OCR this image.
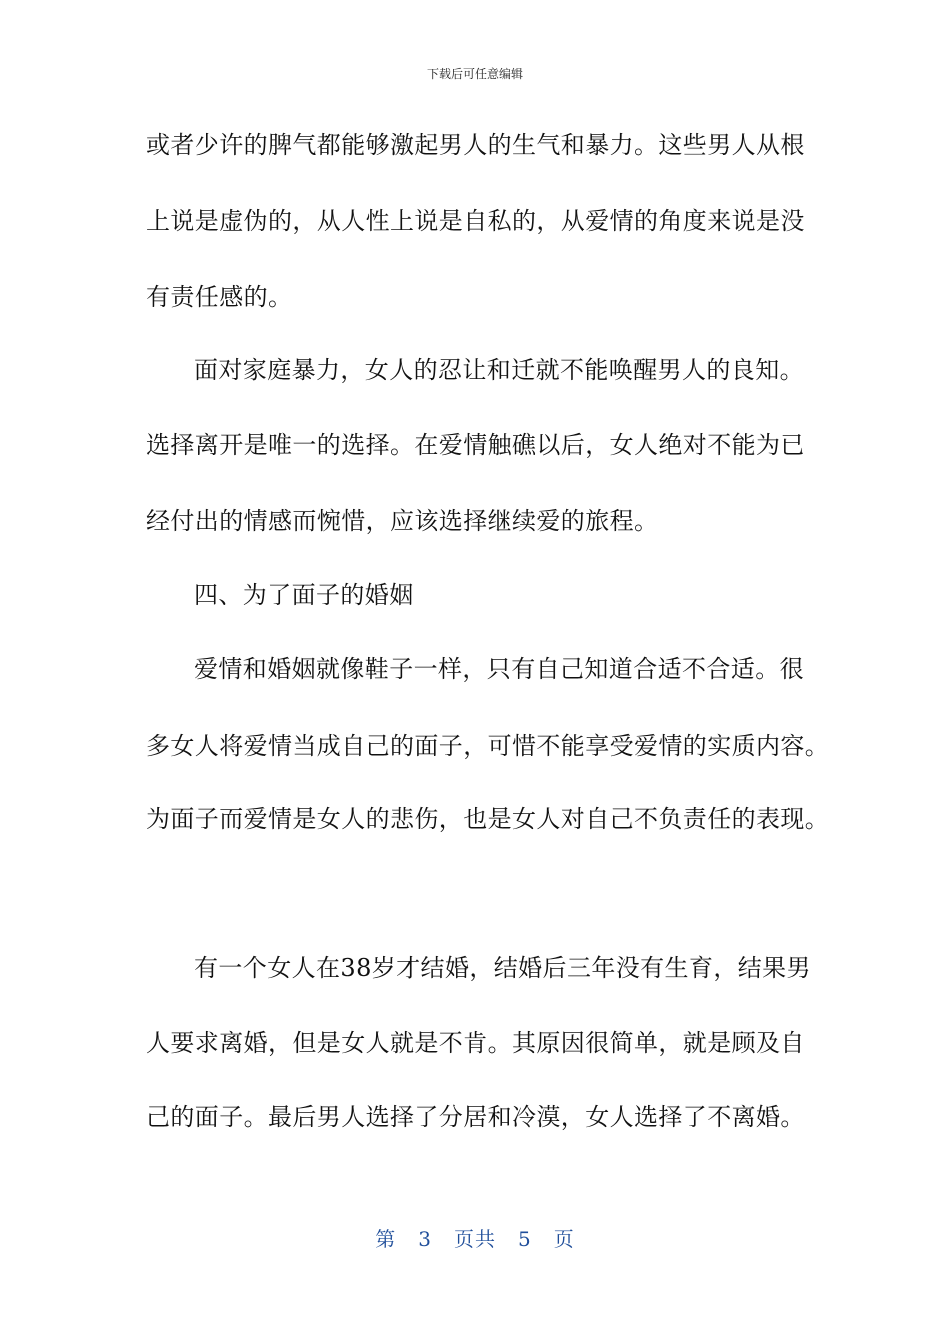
下载后可任意编辑
或者少许的脾气都能够激起男人的生气和暴力。这些男人从根
上说是虚伪的，从人性上说是自私的，从爱情的角度来说是没
有责任感的。
面对家庭暴力，女人的忍让和迁就不能唤醒男人的良知。
选择离开是唯一的选择。在爱情触礁以后，女人绝对不能为已
经付出的情感而惋惜，应该选择继续爱的旅程。
四、为了面子的婚姻
爱情和婚姻就像鞋子一样，只有自己知道合适不合适。很
多女人将爱情当成自己的面子，可惜不能享受爱情的实质内容。
为面子而爱情是女人的悲伤，也是女人对自己不负责任的表现。
有一个女人在38岁才结婚，结婚后三年没有生育，结果男
人要求离婚，但是女人就是不肯。其原因很简单，就是顾及自
己的面子。最后男人选择了分居和冷漠，女人选择了不离婚。
第 3 页共 5 页
